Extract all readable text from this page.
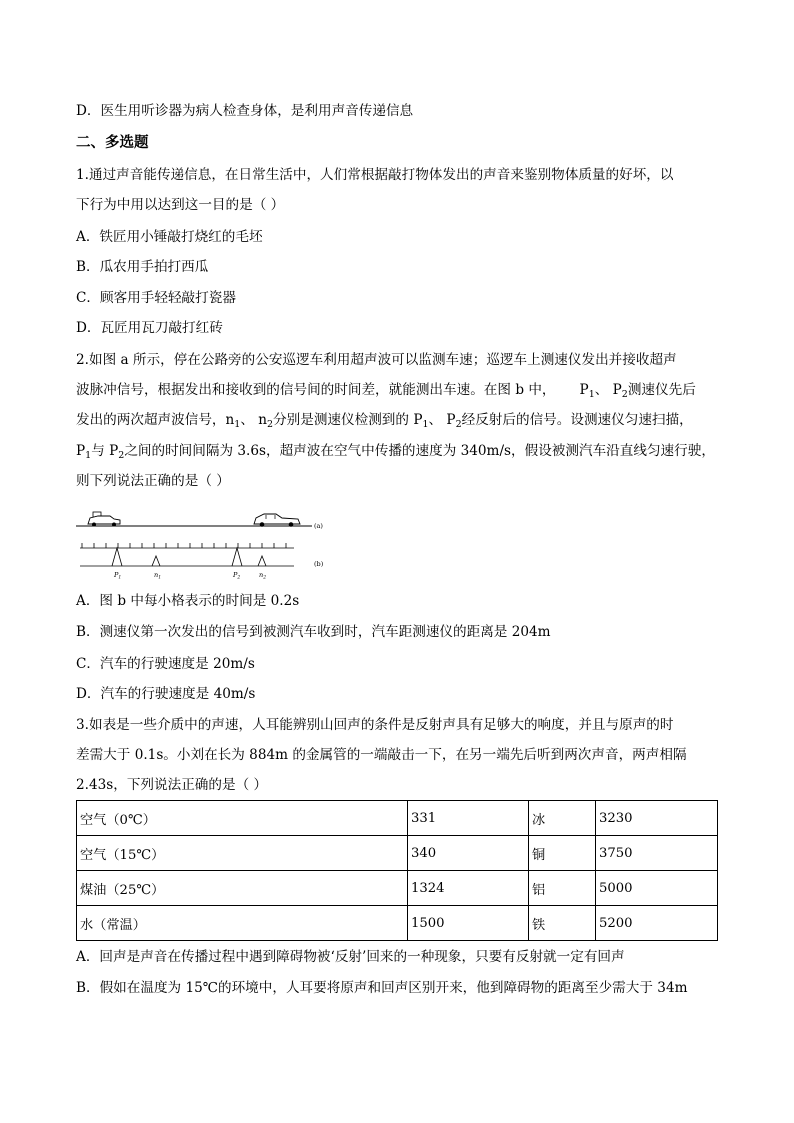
D．医生用听诊器为病人检查身体，是利用声音传递信息
二、多选题
1.通过声音能传递信息，在日常生活中，人们常根据敲打物体发出的声音来鉴别物体质量的好坏，以
下行为中用以达到这一目的是（ ）
A．铁匠用小锤敲打烧红的毛坯
B．瓜农用手拍打西瓜
C．顾客用手轻轻敲打瓷器
D．瓦匠用瓦刀敲打红砖
2.如图 a 所示，停在公路旁的公安巡逻车利用超声波可以监测车速；巡逻车上测速仪发出并接收超声
波脉冲信号，根据发出和接收到的信号间的时间差，就能测出车速。在图 b 中， $P_1$、 $P_2$测速仪先后
发出的两次超声波信号，$n_1$、 $n_2$分别是测速仪检测到的 $P_1$、 $P_2$经反射后的信号。设测速仪匀速扫描，
$P_1$与 $P_2$之间的时间间隔为 3.6s，超声波在空气中传播的速度为 340m/s，假设被测汽车沿直线匀速行驶，
则下列说法正确的是（ ）
(a)
(b)
$P_1$	$n_1$	$P_2$	$n_2$
A．图 b 中每小格表示的时间是 0.2s
B．测速仪第一次发出的信号到被测汽车收到时，汽车距测速仪的距离是 204m
C．汽车的行驶速度是 20m/s
D．汽车的行驶速度是 40m/s
3.如表是一些介质中的声速，人耳能辨别山回声的条件是反射声具有足够大的响度，并且与原声的时
差需大于 0.1s。小刘在长为 884m 的金属管的一端敲击一下，在另一端先后听到两次声音，两声相隔
2.43s，下列说法正确的是（ ）
空气（0℃）	331	冰	3230
空气（15℃）	340	铜	3750
煤油（25℃）	1324	铝	5000
水（常温）	1500	铁	5200
A．回声是声音在传播过程中遇到障碍物被‘反射’回来的一种现象，只要有反射就一定有回声
B．假如在温度为 15℃的环境中，人耳要将原声和回声区别开来，他到障碍物的距离至少需大于 34m
